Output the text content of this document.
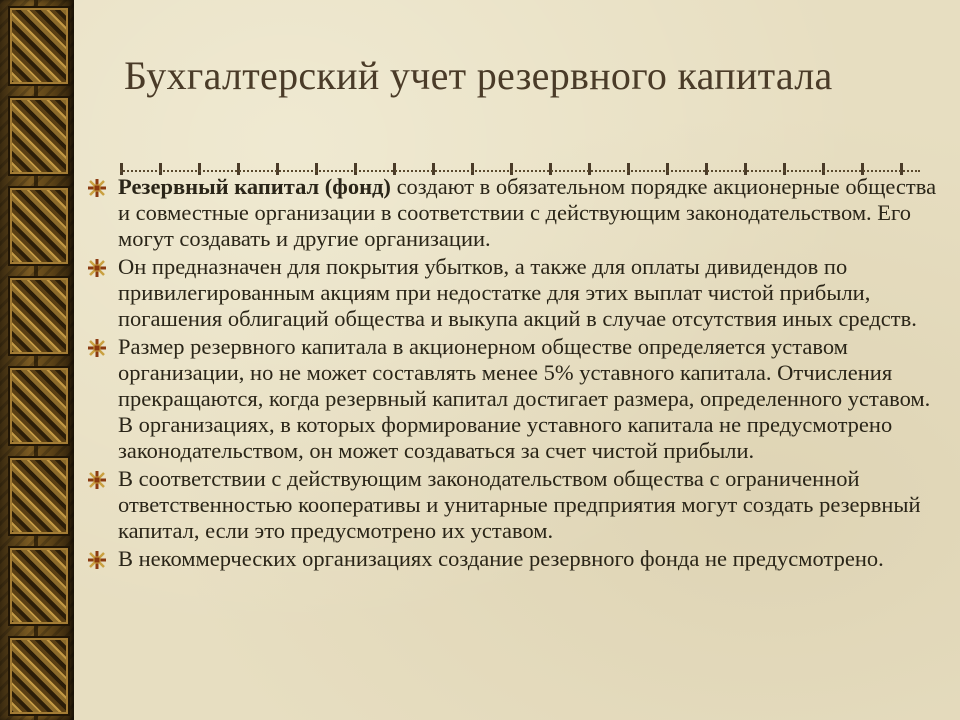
Бухгалтерский учет резервного капитала
Резервный капитал (фонд) создают в обязательном порядке акционерные общества и совместные организации в соответствии с действующим законодательством. Его могут создавать и другие организации.
Он предназначен для покрытия убытков, а также для оплаты дивидендов по привилегированным акциям при недостатке для этих выплат чистой прибыли, погашения облигаций общества и выкупа акций в случае отсутствия иных средств.
Размер резервного капитала в акционерном обществе определяется уставом организации, но не может составлять менее 5% уставного капитала. Отчисления прекращаются, когда резервный капитал достигает размера, определенного уставом. В организациях, в которых формирование уставного капитала не предусмотрено законодательством, он может создаваться за счет чистой прибыли.
В соответствии с действующим законодательством общества с ограниченной ответственностью кооперативы и унитарные предприятия могут создать резервный капитал, если это предусмотрено их уставом.
В некоммерческих организациях создание резервного фонда не предусмотрено.
